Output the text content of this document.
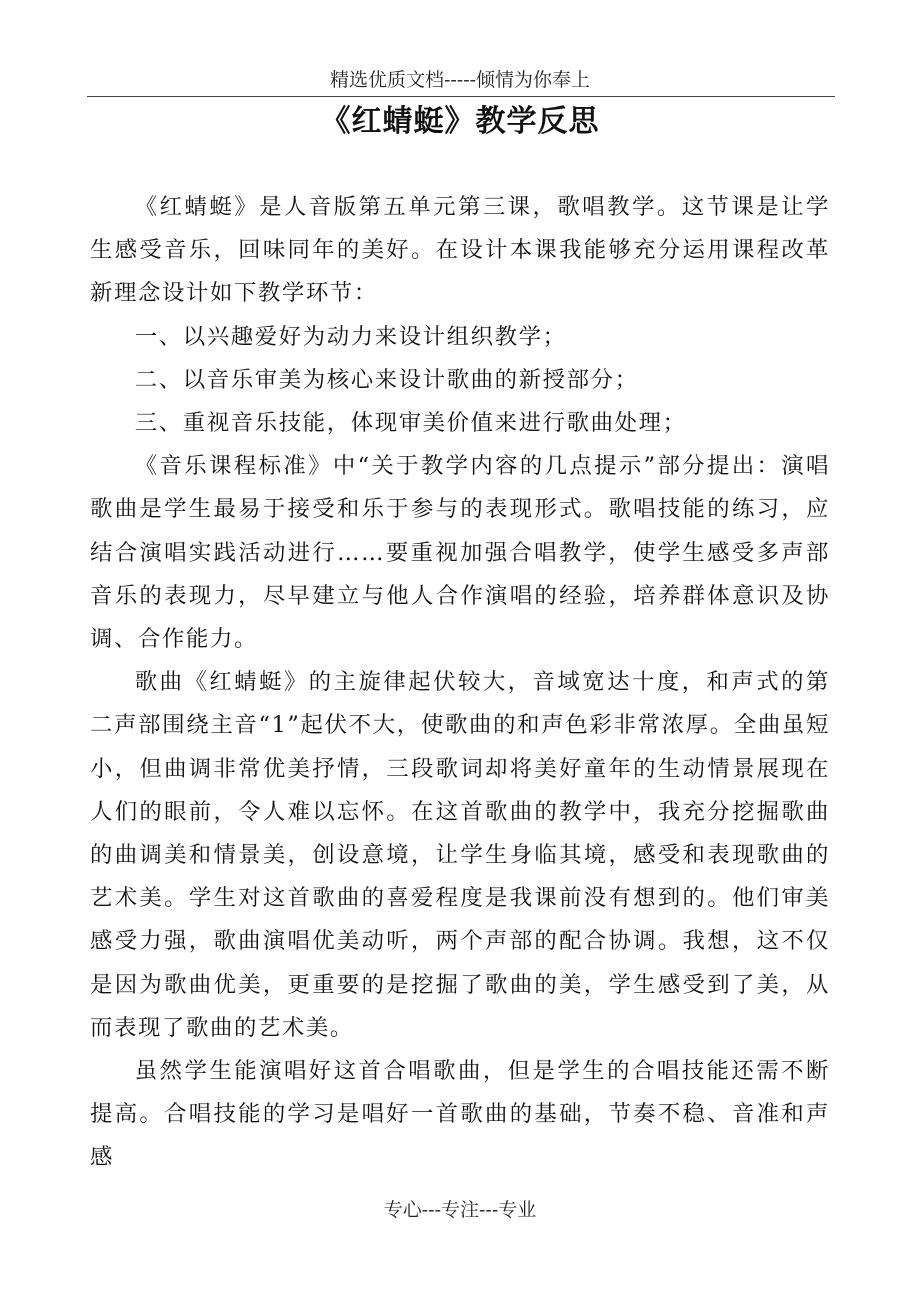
精选优质文档-----倾情为你奉上
《红蜻蜓》教学反思

《红蜻蜓》是人音版第五单元第三课，歌唱教学。这节课是让学生感受音乐，回味同年的美好。在设计本课我能够充分运用课程改革新理念设计如下教学环节：

一、以兴趣爱好为动力来设计组织教学；

二、以音乐审美为核心来设计歌曲的新授部分；

三、重视音乐技能，体现审美价值来进行歌曲处理；

《音乐课程标准》中“关于教学内容的几点提示”部分提出：演唱歌曲是学生最易于接受和乐于参与的表现形式。歌唱技能的练习，应结合演唱实践活动进行……要重视加强合唱教学，使学生感受多声部音乐的表现力，尽早建立与他人合作演唱的经验，培养群体意识及协调、合作能力。

歌曲《红蜻蜓》的主旋律起伏较大，音域宽达十度，和声式的第二声部围绕主音“1”起伏不大，使歌曲的和声色彩非常浓厚。全曲虽短小，但曲调非常优美抒情，三段歌词却将美好童年的生动情景展现在人们的眼前，令人难以忘怀。在这首歌曲的教学中，我充分挖掘歌曲的曲调美和情景美，创设意境，让学生身临其境，感受和表现歌曲的艺术美。学生对这首歌曲的喜爱程度是我课前没有想到的。他们审美感受力强，歌曲演唱优美动听，两个声部的配合协调。我想，这不仅是因为歌曲优美，更重要的是挖掘了歌曲的美，学生感受到了美，从而表现了歌曲的艺术美。

虽然学生能演唱好这首合唱歌曲，但是学生的合唱技能还需不断提高。合唱技能的学习是唱好一首歌曲的基础，节奏不稳、音准和声感

专心---专注---专业
